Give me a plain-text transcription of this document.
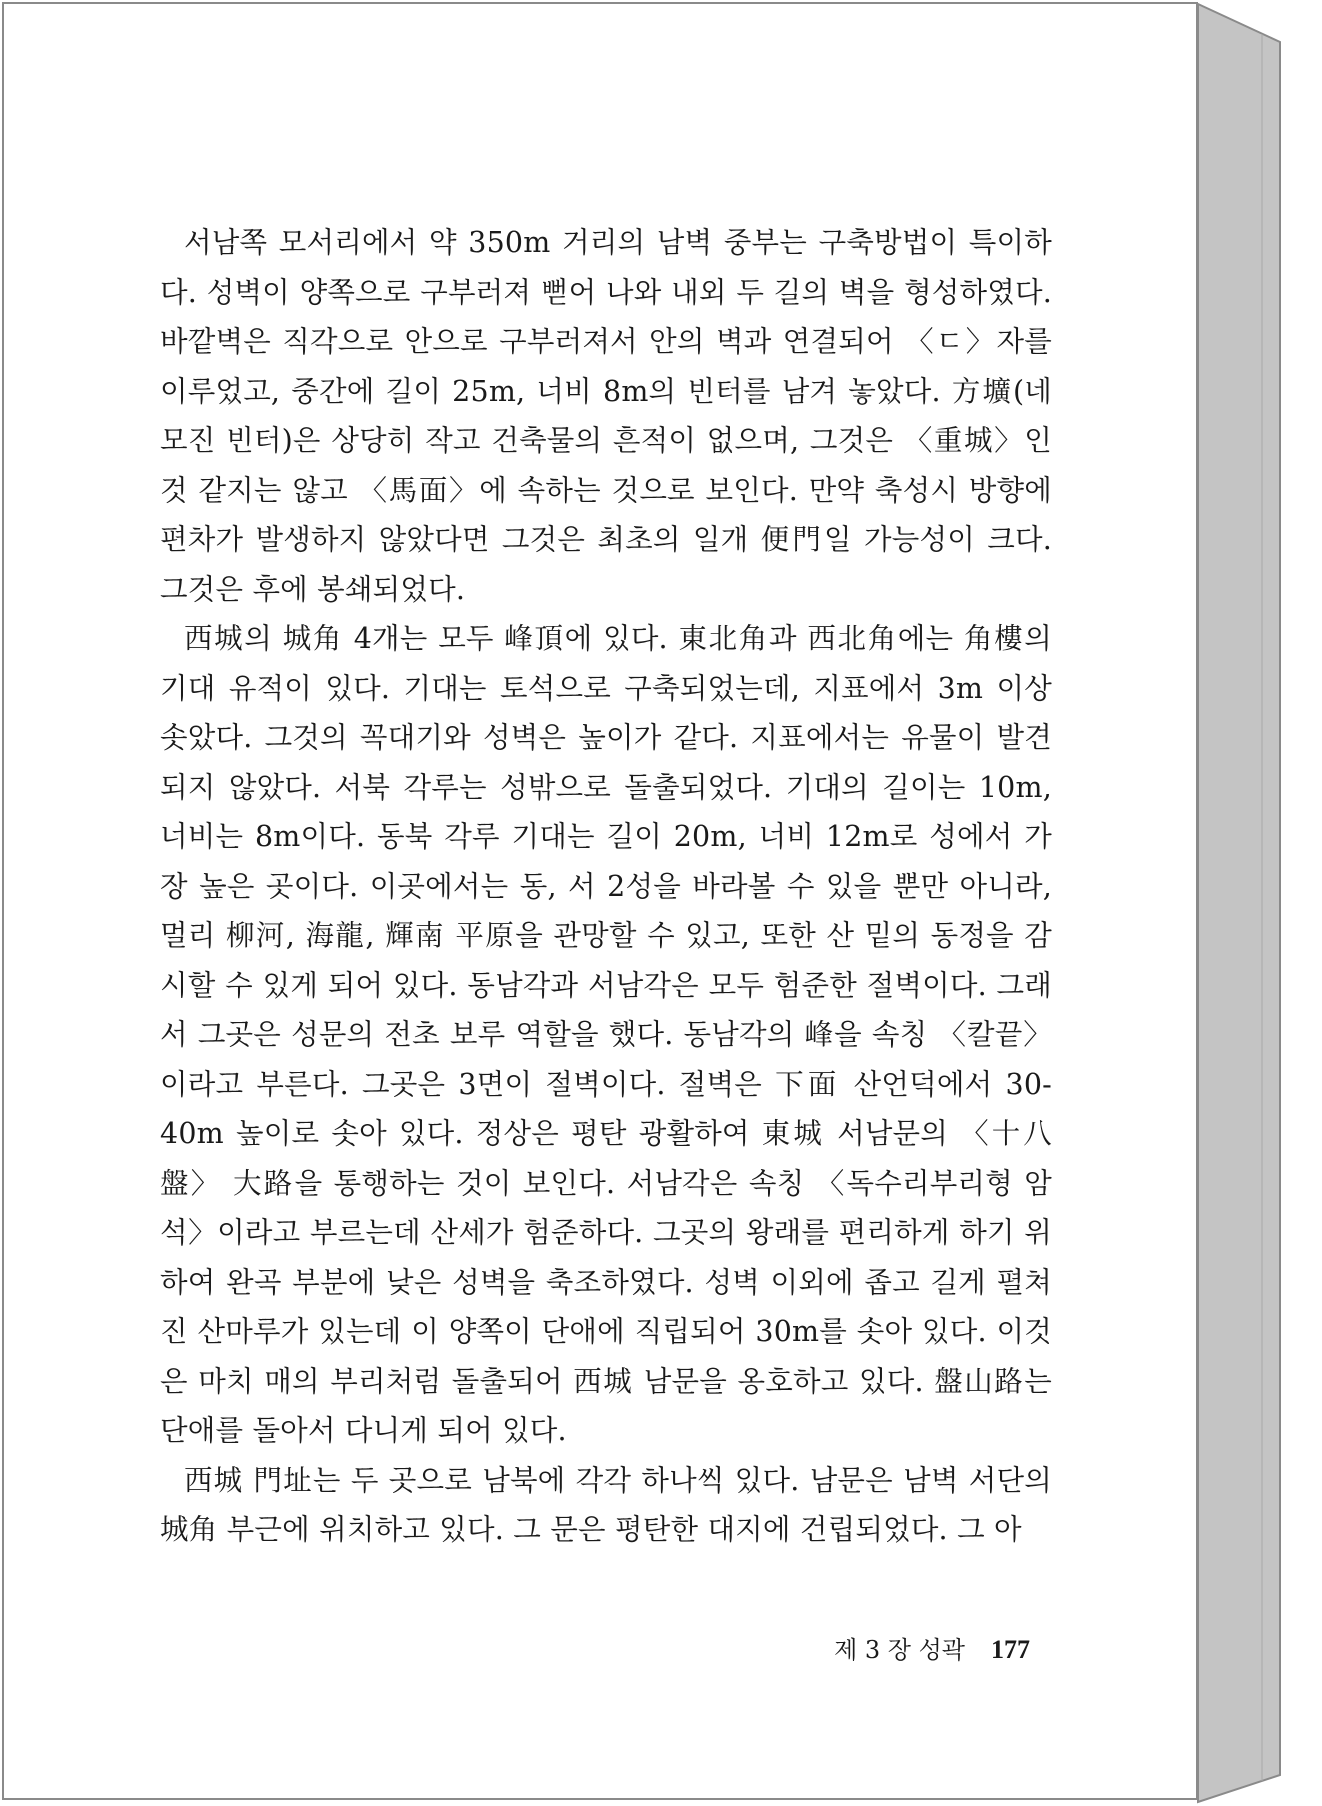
서남쪽 모서리에서 약 350m 거리의 남벽 중부는 구축방법이 특이하다. 성벽이 양쪽으로 구부러져 뻗어 나와 내외 두 길의 벽을 형성하였다. 바깥벽은 직각으로 안으로 구부러져서 안의 벽과 연결되어 〈ㄷ〉자를 이루었고, 중간에 길이 25m, 너비 8m의 빈터를 남겨 놓았다. 方壙(네모진 빈터)은 상당히 작고 건축물의 흔적이 없으며, 그것은 〈重城〉인 것 같지는 않고 〈馬面〉에 속하는 것으로 보인다. 만약 축성시 방향에 편차가 발생하지 않았다면 그것은 최초의 일개 便門일 가능성이 크다. 그것은 후에 봉쇄되었다.

西城의 城角 4개는 모두 峰頂에 있다. 東北角과 西北角에는 角樓의 기대 유적이 있다. 기대는 토석으로 구축되었는데, 지표에서 3m 이상 솟았다. 그것의 꼭대기와 성벽은 높이가 같다. 지표에서는 유물이 발견되지 않았다. 서북 각루는 성밖으로 돌출되었다. 기대의 길이는 10m, 너비는 8m이다. 동북 각루 기대는 길이 20m, 너비 12m로 성에서 가장 높은 곳이다. 이곳에서는 동, 서 2성을 바라볼 수 있을 뿐만 아니라, 멀리 柳河, 海龍, 輝南 平原을 관망할 수 있고, 또한 산 밑의 동정을 감시할 수 있게 되어 있다. 동남각과 서남각은 모두 험준한 절벽이다. 그래서 그곳은 성문의 전초 보루 역할을 했다. 동남각의 峰을 속칭 〈칼끝〉이라고 부른다. 그곳은 3면이 절벽이다. 절벽은 下面 산언덕에서 30-40m 높이로 솟아 있다. 정상은 평탄 광활하여 東城 서남문의 〈十八盤〉 大路을 통행하는 것이 보인다. 서남각은 속칭 〈독수리부리형 암석〉이라고 부르는데 산세가 험준하다. 그곳의 왕래를 편리하게 하기 위하여 완곡 부분에 낮은 성벽을 축조하였다. 성벽 이외에 좁고 길게 펼쳐진 산마루가 있는데 이 양쪽이 단애에 직립되어 30m를 솟아 있다. 이것은 마치 매의 부리처럼 돌출되어 西城 남문을 옹호하고 있다. 盤山路는 단애를 돌아서 다니게 되어 있다.

西城 門址는 두 곳으로 남북에 각각 하나씩 있다. 남문은 남벽 서단의 城角 부근에 위치하고 있다. 그 문은 평탄한 대지에 건립되었다. 그 아

제 3 장 성곽 177
